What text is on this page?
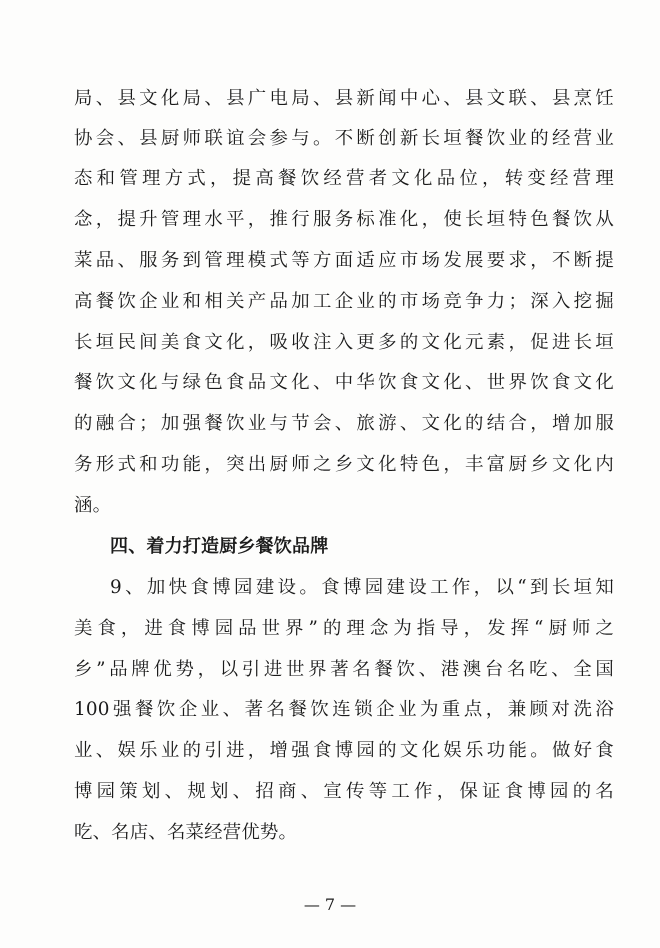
局、县文化局、县广电局、县新闻中心、县文联、县烹饪
协会、县厨师联谊会参与。不断创新长垣餐饮业的经营业
态和管理方式，提高餐饮经营者文化品位，转变经营理
念，提升管理水平，推行服务标准化，使长垣特色餐饮从
菜品、服务到管理模式等方面适应市场发展要求，不断提
高餐饮企业和相关产品加工企业的市场竞争力；深入挖掘
长垣民间美食文化，吸收注入更多的文化元素，促进长垣
餐饮文化与绿色食品文化、中华饮食文化、世界饮食文化
的融合；加强餐饮业与节会、旅游、文化的结合，增加服
务形式和功能，突出厨师之乡文化特色，丰富厨乡文化内
涵。
四、着力打造厨乡餐饮品牌
9、加快食博园建设。食博园建设工作，以“到长垣知
美食，进食博园品世界”的理念为指导，发挥“厨师之
乡”品牌优势，以引进世界著名餐饮、港澳台名吃、全国
100强餐饮企业、著名餐饮连锁企业为重点，兼顾对洗浴
业、娱乐业的引进，增强食博园的文化娱乐功能。做好食
博园策划、规划、招商、宣传等工作，保证食博园的名
吃、名店、名菜经营优势。
— 7 —
